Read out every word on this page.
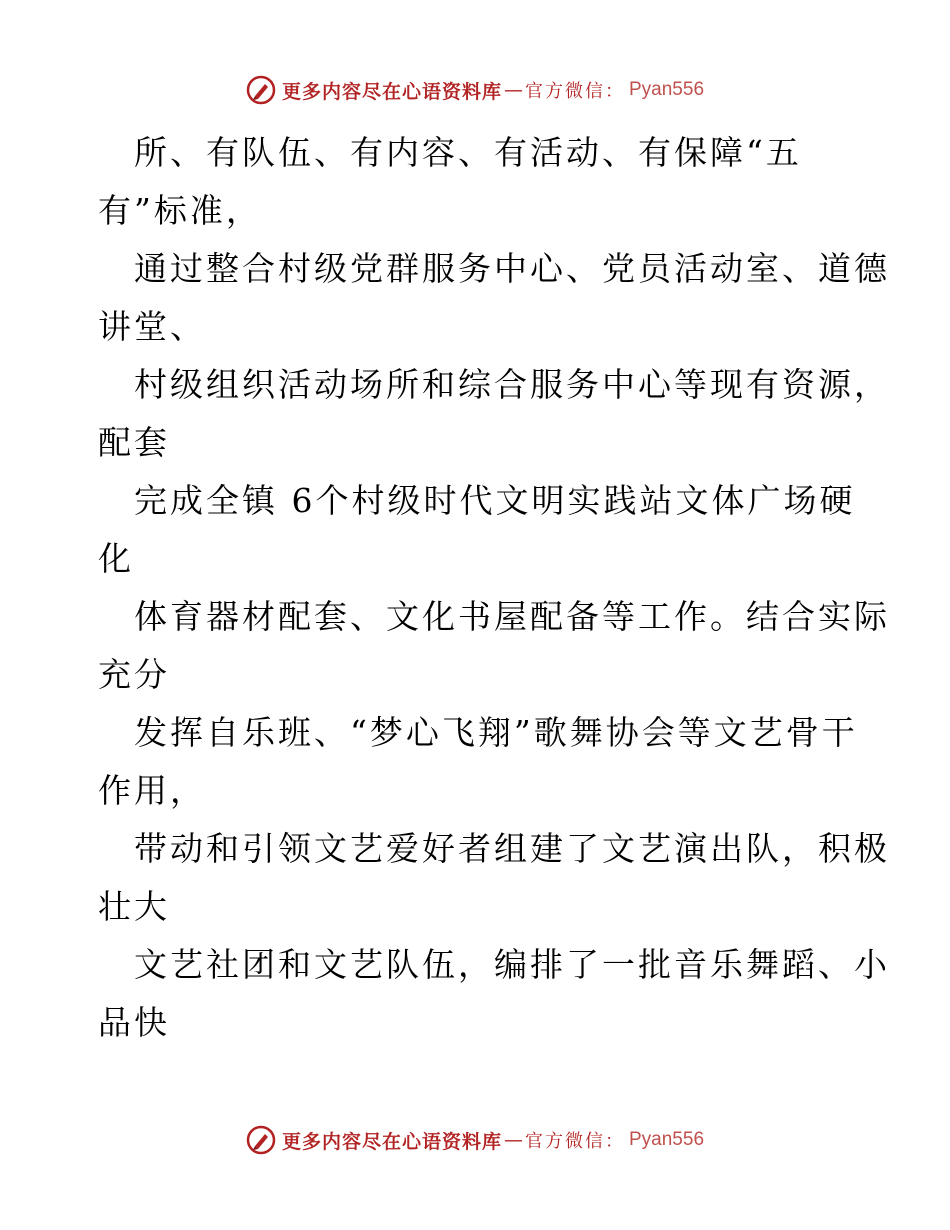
更多内容尽在心语资料库 — 官方微信： Pyan556
所、有队伍、有内容、有活动、有保障“五
有”标准，
通过整合村级党群服务中心、党员活动室、道德
讲堂、
村级组织活动场所和综合服务中心等现有资源，
配套
完成全镇 6个村级时代文明实践站文体广场硬
化
体育器材配套、文化书屋配备等工作。结合实际
充分
发挥自乐班、“梦心飞翔”歌舞协会等文艺骨干
作用，
带动和引领文艺爱好者组建了文艺演出队，积极
壮大
文艺社团和文艺队伍，编排了一批音乐舞蹈、小
品快
更多内容尽在心语资料库 — 官方微信： Pyan556
